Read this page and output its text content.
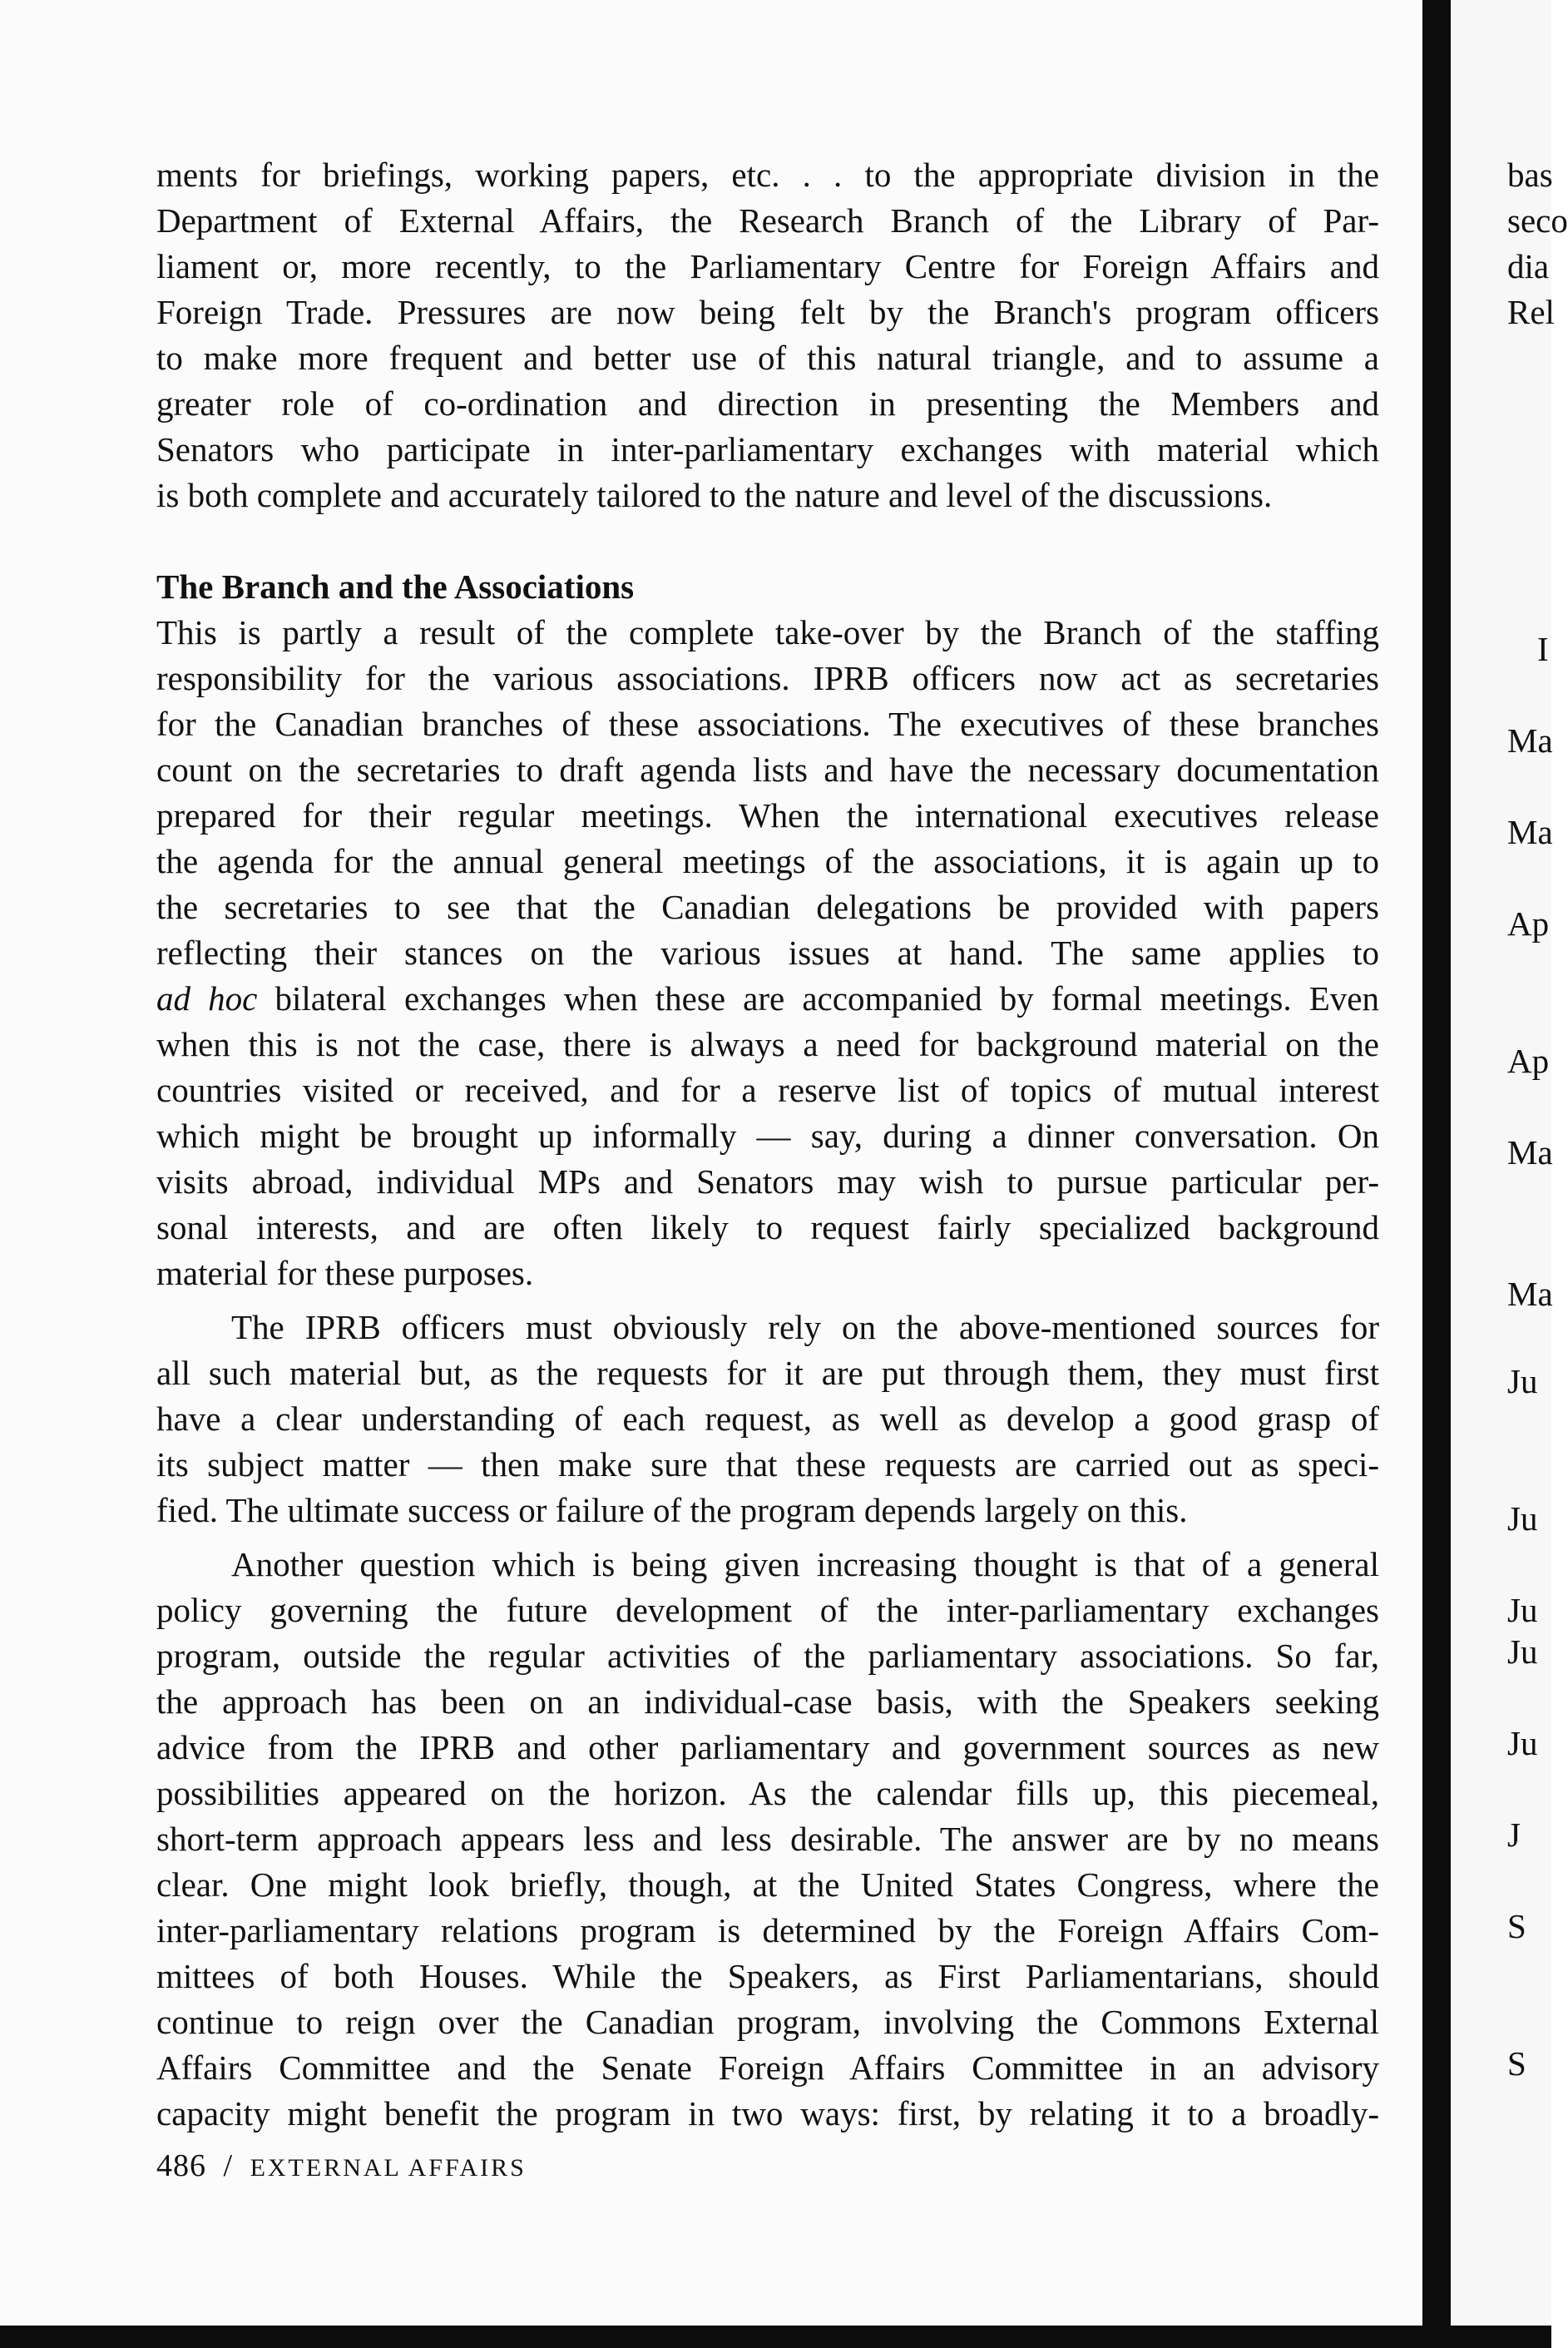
ments for briefings, working papers, etc. . . to the appropriate division in the
Department of External Affairs, the Research Branch of the Library of Par-
liament or, more recently, to the Parliamentary Centre for Foreign Affairs and
Foreign Trade. Pressures are now being felt by the Branch's program officers
to make more frequent and better use of this natural triangle, and to assume a
greater role of co-ordination and direction in presenting the Members and
Senators who participate in inter-parliamentary exchanges with material which
is both complete and accurately tailored to the nature and level of the discussions.
The Branch and the Associations
This is partly a result of the complete take-over by the Branch of the staffing
responsibility for the various associations. IPRB officers now act as secretaries
for the Canadian branches of these associations. The executives of these branches
count on the secretaries to draft agenda lists and have the necessary documentation
prepared for their regular meetings. When the international executives release
the agenda for the annual general meetings of the associations, it is again up to
the secretaries to see that the Canadian delegations be provided with papers
reflecting their stances on the various issues at hand. The same applies to
ad hoc bilateral exchanges when these are accompanied by formal meetings. Even
when this is not the case, there is always a need for background material on the
countries visited or received, and for a reserve list of topics of mutual interest
which might be brought up informally — say, during a dinner conversation. On
visits abroad, individual MPs and Senators may wish to pursue particular per-
sonal interests, and are often likely to request fairly specialized background
material for these purposes.
The IPRB officers must obviously rely on the above-mentioned sources for
all such material but, as the requests for it are put through them, they must first
have a clear understanding of each request, as well as develop a good grasp of
its subject matter — then make sure that these requests are carried out as speci-
fied. The ultimate success or failure of the program depends largely on this.
Another question which is being given increasing thought is that of a general
policy governing the future development of the inter-parliamentary exchanges
program, outside the regular activities of the parliamentary associations. So far,
the approach has been on an individual-case basis, with the Speakers seeking
advice from the IPRB and other parliamentary and government sources as new
possibilities appeared on the horizon. As the calendar fills up, this piecemeal,
short-term approach appears less and less desirable. The answer are by no means
clear. One might look briefly, though, at the United States Congress, where the
inter-parliamentary relations program is determined by the Foreign Affairs Com-
mittees of both Houses. While the Speakers, as First Parliamentarians, should
continue to reign over the Canadian program, involving the Commons External
Affairs Committee and the Senate Foreign Affairs Committee in an advisory
capacity might benefit the program in two ways: first, by relating it to a broadly-
486 / EXTERNAL AFFAIRS
bas
seco
dia
Rel
I
Ma
Ma
Ap
Ap
Ma
Ma
Ju
Ju
Ju
Ju
Ju
J
S
S
